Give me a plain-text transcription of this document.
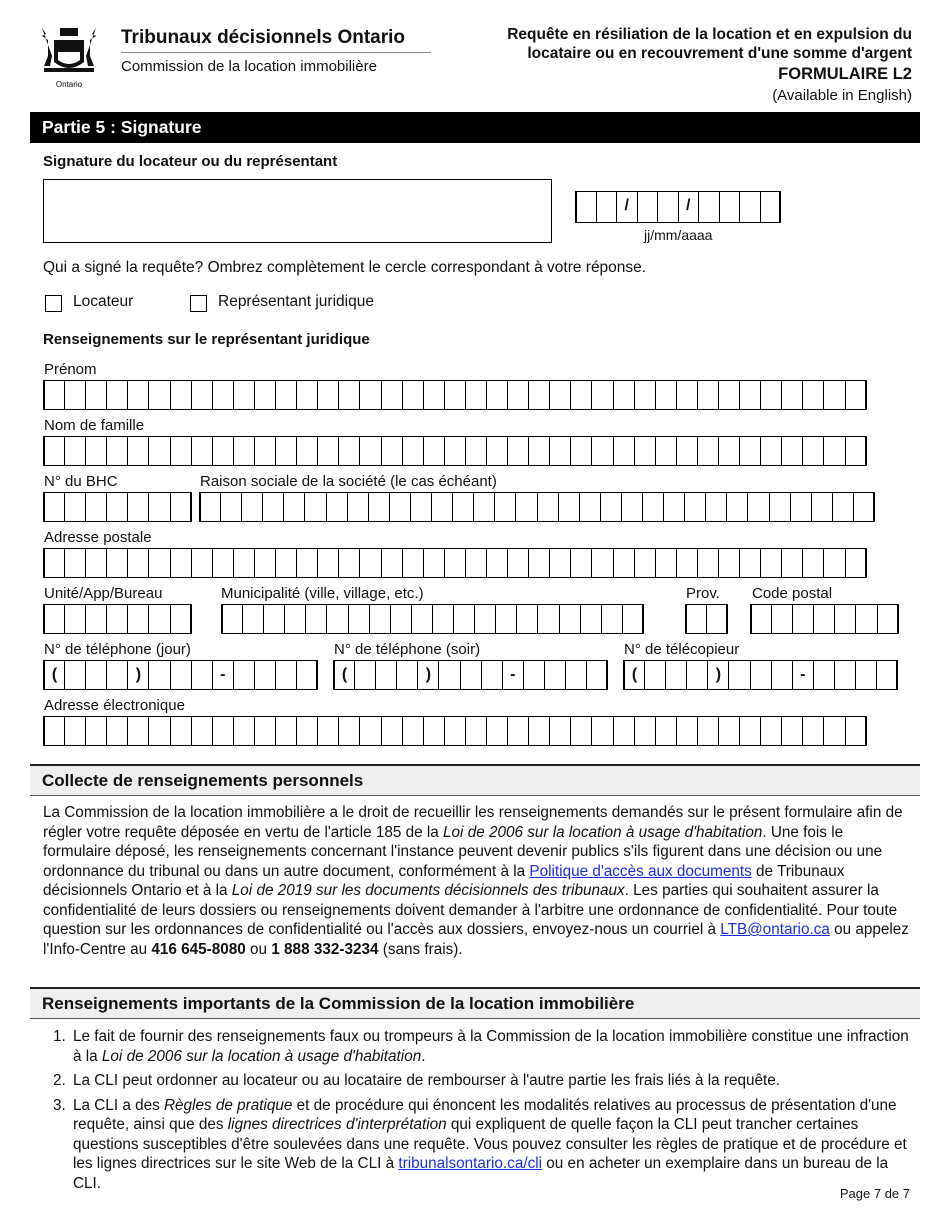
Ontario
Tribunaux décisionnels Ontario
Commission de la location immobilière
Requête en résiliation de la location et en expulsion du
locataire ou en recouvrement d'une somme d'argent
FORMULAIRE L2
(Available in English)
Partie 5 : Signature
Signature du locateur ou du représentant
/	/
jj/mm/aaaa
Qui a signé la requête? Ombrez complètement le cercle correspondant à votre réponse.
Locateur	Représentant juridique
Renseignements sur le représentant juridique
Prénom
Nom de famille
N° du BHC	Raison sociale de la société (le cas échéant)
Adresse postale
Unité/App/Bureau	Municipalité (ville, village, etc.)	Prov. Code postal
N° de téléphone (jour)	N° de téléphone (soir)	N° de télécopieur
(	)	-	(	)	-	(	)	-
Adresse électronique
Collecte de renseignements personnels
La Commission de la location immobilière a le droit de recueillir les renseignements demandés sur le présent formulaire afin de régler votre requête déposée en vertu de l'article 185 de la Loi de 2006 sur la location à usage d'habitation. Une fois le formulaire déposé, les renseignements concernant l'instance peuvent devenir publics s'ils figurent dans une décision ou une ordonnance du tribunal ou dans un autre document, conformément à la Politique d'accès aux documents de Tribunaux décisionnels Ontario et à la Loi de 2019 sur les documents décisionnels des tribunaux. Les parties qui souhaitent assurer la confidentialité de leurs dossiers ou renseignements doivent demander à l'arbitre une ordonnance de confidentialité. Pour toute question sur les ordonnances de confidentialité ou l'accès aux dossiers, envoyez-nous un courriel à LTB@ontario.ca ou appelez l'Info-Centre au 416 645-8080 ou 1 888 332-3234 (sans frais).
Renseignements importants de la Commission de la location immobilière
1. Le fait de fournir des renseignements faux ou trompeurs à la Commission de la location immobilière constitue une infraction à la Loi de 2006 sur la location à usage d'habitation.
2. La CLI peut ordonner au locateur ou au locataire de rembourser à l'autre partie les frais liés à la requête.
3. La CLI a des Règles de pratique et de procédure qui énoncent les modalités relatives au processus de présentation d'une requête, ainsi que des lignes directrices d'interprétation qui expliquent de quelle façon la CLI peut trancher certaines questions susceptibles d'être soulevées dans une requête. Vous pouvez consulter les règles de pratique et de procédure et les lignes directrices sur le site Web de la CLI à tribunalsontario.ca/cli ou en acheter un exemplaire dans un bureau de la CLI.
Page 7 de 7
